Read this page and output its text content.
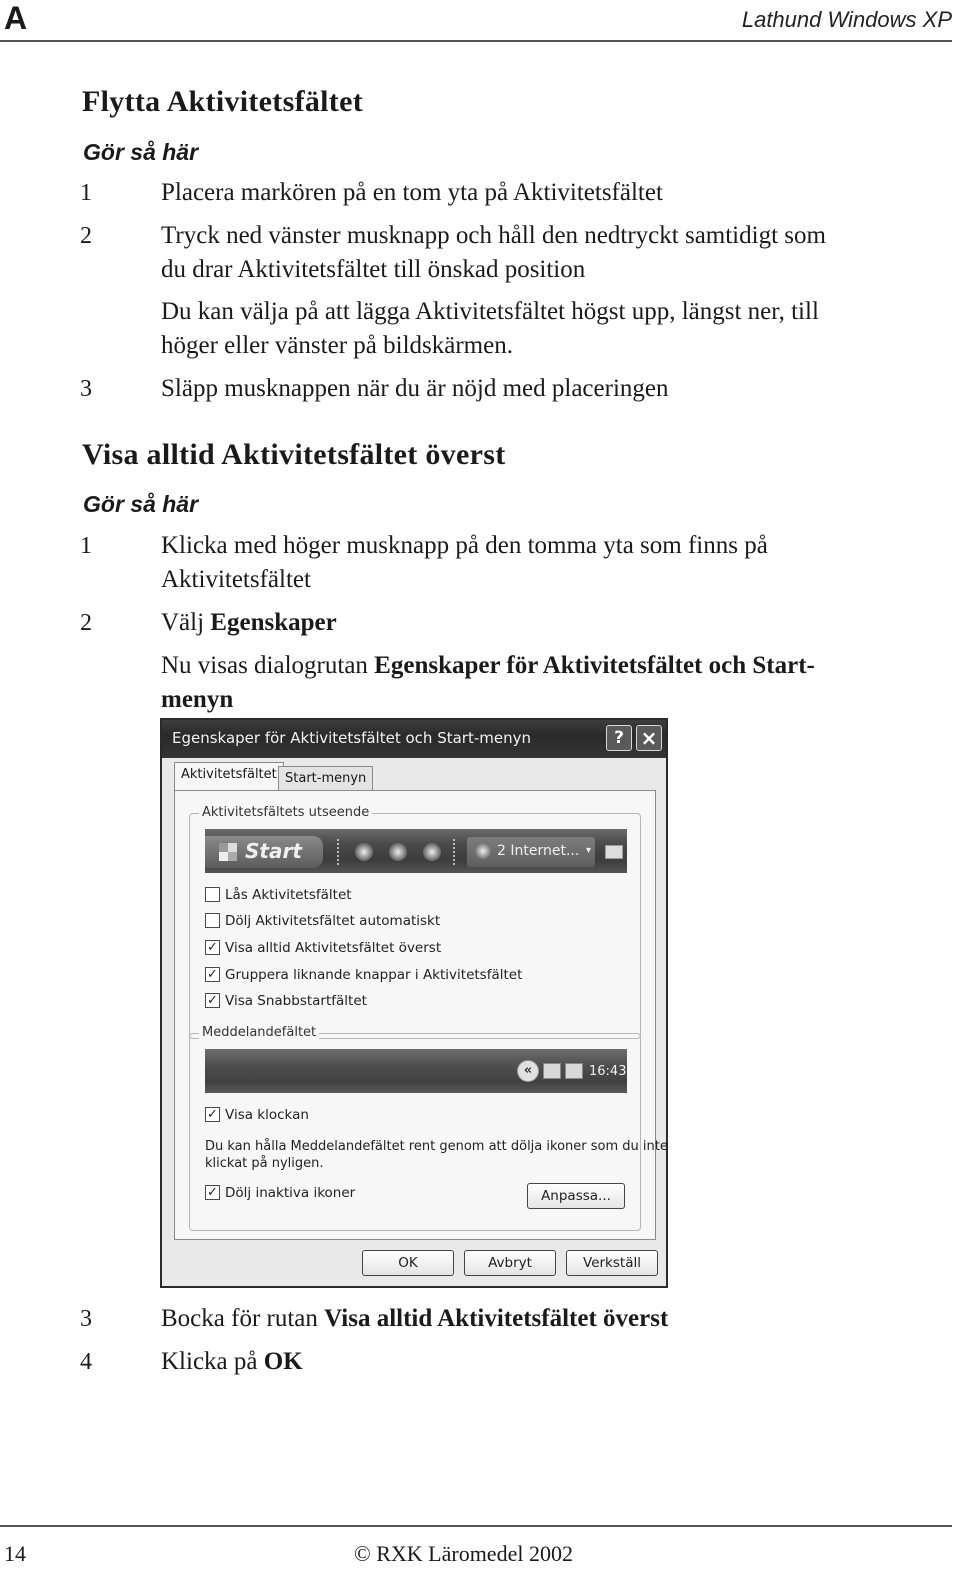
A	Lathund Windows XP
Flytta Aktivitetsfältet
Gör så här
1	Placera markören på en tom yta på Aktivitetsfältet
2	Tryck ned vänster musknapp och håll den nedtryckt samtidigt som
du drar Aktivitetsfältet till önskad position
Du kan välja på att lägga Aktivitetsfältet högst upp, längst ner, till
höger eller vänster på bildskärmen.
3	Släpp musknappen när du är nöjd med placeringen
Visa alltid Aktivitetsfältet överst
Gör så här
1	Klicka med höger musknapp på den tomma yta som finns på
Aktivitetsfältet
2	Välj Egenskaper
Nu visas dialogrutan Egenskaper för Aktivitetsfältet och Start-
menyn
Egenskaper för Aktivitetsfältet och Start-menyn	? ×
Aktivitetsfältet Start-menyn
Aktivitetsfältets utseende
Start	2 Internet... ▾
Lås Aktivitetsfältet
Dölj Aktivitetsfältet automatiskt
✓ Visa alltid Aktivitetsfältet överst
✓ Gruppera liknande knappar i Aktivitetsfältet
✓ Visa Snabbstartfältet
Meddelandefältet
«	16:43
✓ Visa klockan
Du kan hålla Meddelandefältet rent genom att dölja ikoner som du inte
klickat på nyligen.
✓ Dölj inaktiva ikoner	Anpassa...
OK	Avbryt	Verkställ
3	Bocka för rutan Visa alltid Aktivitetsfältet överst
4	Klicka på OK
14	© RXK Läromedel 2002
